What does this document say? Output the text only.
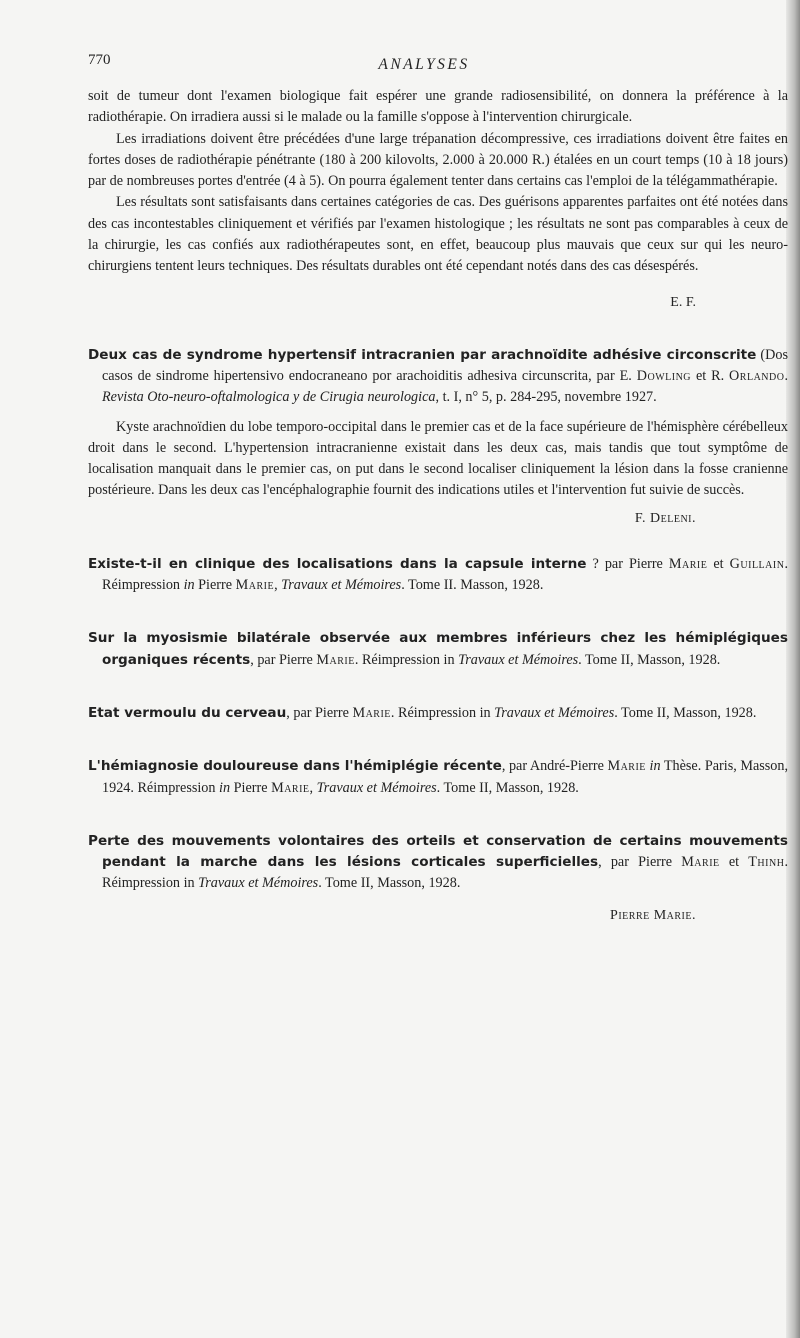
770	ANALYSES

soit de tumeur dont l'examen biologique fait espérer une grande radiosensibilité, on donnera la préférence à la radiothérapie. On irradiera aussi si le malade ou la famille s'oppose à l'intervention chirurgicale.

Les irradiations doivent être précédées d'une large trépanation décompressive, ces irradiations doivent être faites en fortes doses de radiothérapie pénétrante (180 à 200 kilovolts, 2.000 à 20.000 R.) étalées en un court temps (10 à 18 jours) par de nombreuses portes d'entrée (4 à 5). On pourra également tenter dans certains cas l'emploi de la télégammathérapie.

Les résultats sont satisfaisants dans certaines catégories de cas. Des guérisons apparentes parfaites ont été notées dans des cas incontestables cliniquement et vérifiés par l'examen histologique ; les résultats ne sont pas comparables à ceux de la chirurgie, les cas confiés aux radiothérapeutes sont, en effet, beaucoup plus mauvais que ceux sur qui les neuro-chirurgiens tentent leurs techniques. Des résultats durables ont été cependant notés dans des cas désespérés.

E. F.

Deux cas de syndrome hypertensif intracranien par arachnoïdite adhésive circonscrite (Dos casos de sindrome hipertensivo endocraneano por arachoiditis adhesiva circunscrita, par E. Dowling et R. Orlando. Revista Oto-neuro-oftalmologica y de Cirugia neurologica, t. I, n° 5, p. 284-295, novembre 1927.

Kyste arachnoïdien du lobe temporo-occipital dans le premier cas et de la face supérieure de l'hémisphère cérébelleux droit dans le second. L'hypertension intracranienne existait dans les deux cas, mais tandis que tout symptôme de localisation manquait dans le premier cas, on put dans le second localiser cliniquement la lésion dans la fosse cranienne postérieure. Dans les deux cas l'encéphalographie fournit des indications utiles et l'intervention fut suivie de succès.

F. Deleni.

Existe-t-il en clinique des localisations dans la capsule interne ? par Pierre Marie et Guillain. Réimpression in Pierre Marie, Travaux et Mémoires. Tome II. Masson, 1928.

Sur la myosismie bilatérale observée aux membres inférieurs chez les hémiplégiques organiques récents, par Pierre Marie. Réimpression in Travaux et Mémoires. Tome II, Masson, 1928.

Etat vermoulu du cerveau, par Pierre Marie. Réimpression in Travaux et Mémoires. Tome II, Masson, 1928.

L'hémiagnosie douloureuse dans l'hémiplégie récente, par André-Pierre Marie in Thèse. Paris, Masson, 1924. Réimpression in Pierre Marie, Travaux et Mémoires. Tome II, Masson, 1928.

Perte des mouvements volontaires des orteils et conservation de certains mouvements pendant la marche dans les lésions corticales superficielles, par Pierre Marie et Thinh. Réimpression in Travaux et Mémoires. Tome II, Masson, 1928.

Pierre Marie.
